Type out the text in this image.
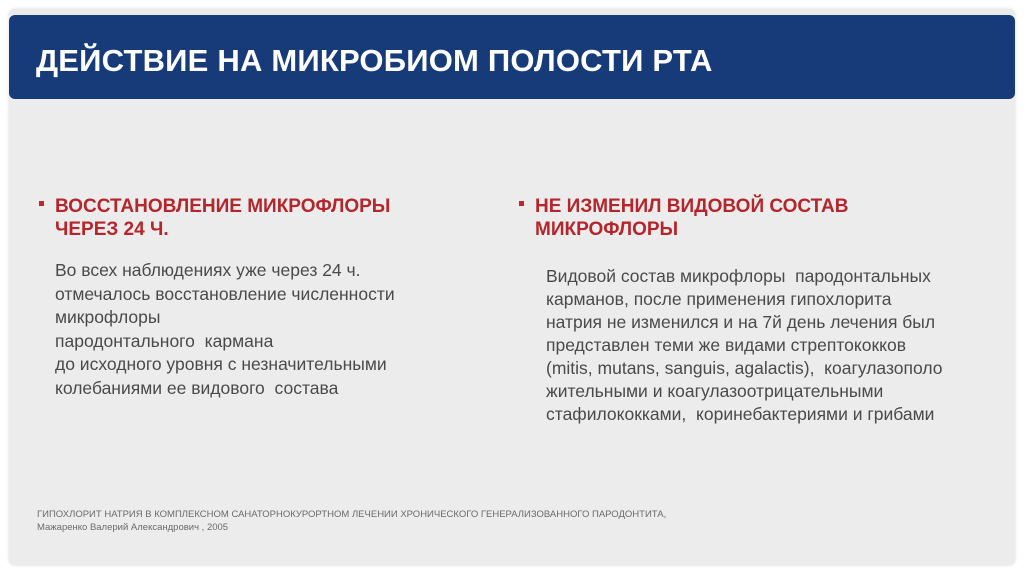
ДЕЙСТВИЕ НА МИКРОБИОМ ПОЛОСТИ РТА
ВОССТАНОВЛЕНИЕ МИКРОФЛОРЫ
ЧЕРЕЗ 24 Ч.
Во всех наблюдениях уже через 24 ч.
отмечалось восстановление численности
микрофлоры
пародонтального  кармана
до исходного уровня с незначительными
колебаниями ее видового  состава
НЕ ИЗМЕНИЛ ВИДОВОЙ СОСТАВ
МИКРОФЛОРЫ
Видовой состав микрофлоры  пародонтальных
карманов, после применения гипохлорита
натрия не изменился и на 7й день лечения был
представлен теми же видами стрептококков
(mitis, mutans, sanguis, agalactis),  коагулазополо
жительными и коагулазоотрицательными
стафилококками,  коринебактериями и грибами
ГИПОХЛОРИТ НАТРИЯ В КОМПЛЕКСНОМ САНАТОРНОКУРОРТНОМ ЛЕЧЕНИИ ХРОНИЧЕСКОГО ГЕНЕРАЛИЗОВАННОГО ПАРОДОНТИТА,
Мажаренко Валерий Александрович , 2005
